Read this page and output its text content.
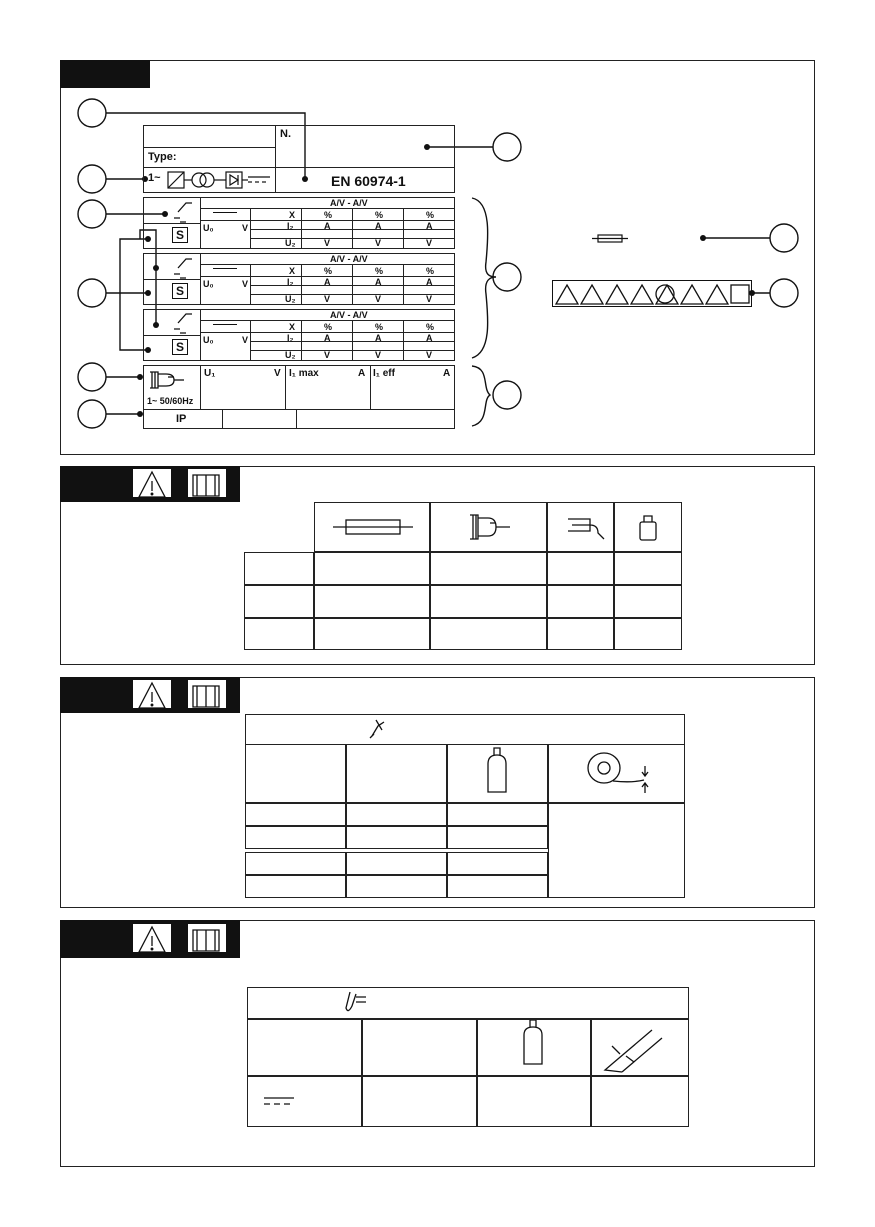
N.
Type:
EN 60974-1
1~
1~ 50/60Hz
U₁	V I₁ max	A I₁ eff	A
IP
A/V - A/V
X	%	%	%
I₂	A	A	A
U₂	V	V	V
U₀	V
S
A/V - A/V
X	%	%	%
I₂	A	A	A
U₂	V	V	V
U₀	V
S
A/V - A/V
X	%	%	%
I₂	A	A	A
U₂	V	V	V
U₀	V
S
